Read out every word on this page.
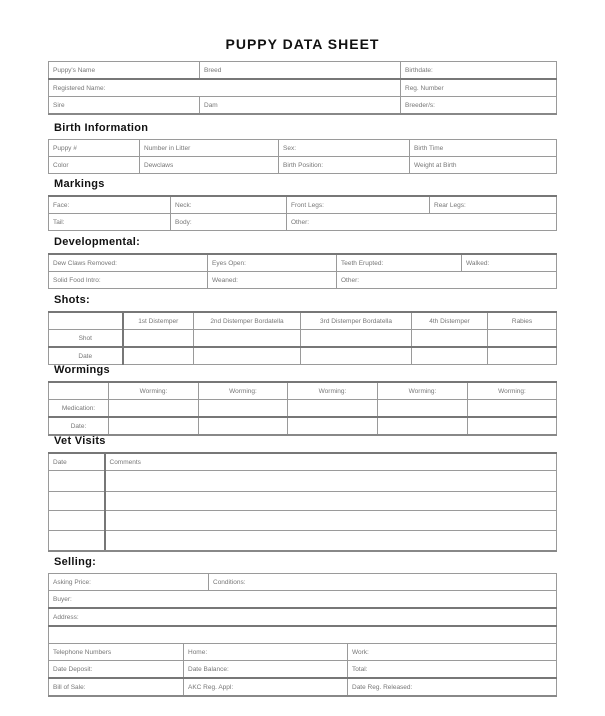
PUPPY DATA SHEET
Puppy's Name	Breed	Birthdate:
Registered Name:		Reg. Number
Sire	Dam	Breeder/s:
Birth Information
Puppy #	Number in Litter	Sex:	Birth Time
Color	Dewclaws	Birth Position:	Weight at Birth
Markings
Face:	Neck:	Front Legs:	Rear Legs:
Tail:	Body:	Other:	
Developmental:
Dew Claws Removed:	Eyes Open:	Teeth Erupted:	Walked:
Solid Food Intro:	Weaned:	Other:	
Shots:
	1st Distemper	2nd Distemper Bordatella	3rd Distemper Bordatella	4th Distemper	Rabies
Shot					
Date					
Wormings
	Worming:	Worming:	Worming:	Worming:	Worming:
Medication:					
Date:					
Vet Visits
Date	Comments

Selling:
Asking Price:		Conditions:	
Buyer:			
Address:			

Telephone Numbers	Home:		Work:
Date Deposit:	Date Balance:		Total:
Bill of Sale:	AKC Reg. Appl:		Date Reg. Released:
